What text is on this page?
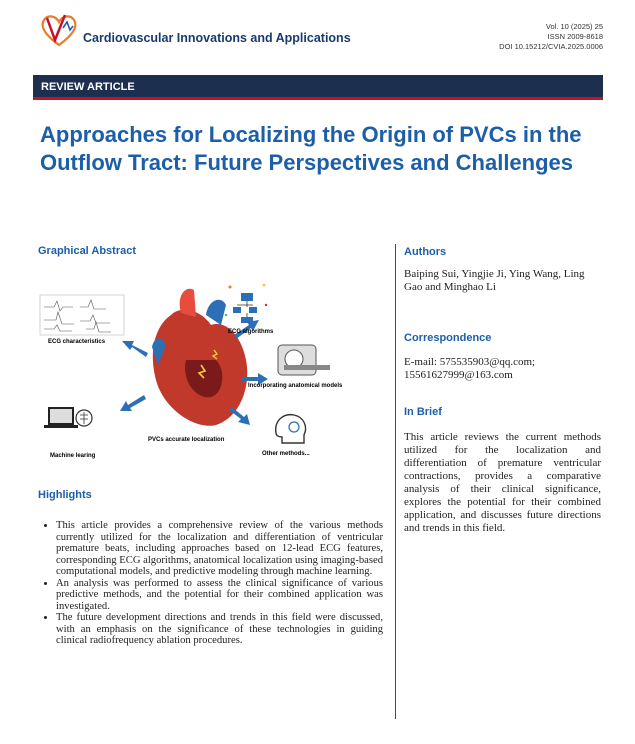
Cardiovascular Innovations and Applications
Vol. 10 (2025) 25
ISSN 2009-8618
DOI 10.15212/CVIA.2025.0006
REVIEW ARTICLE
Approaches for Localizing the Origin of PVCs in the Outflow Tract: Future Perspectives and Challenges
Graphical Abstract
ECG characteristics
ECG algorithms
Incorporating anatomical models
Machine learing
PVCs accurate localization
Other methods...
Highlights
• This article provides a comprehensive review of the various methods currently utilized for the localization and differentiation of ventricular premature beats, including approaches based on 12-lead ECG features, corresponding ECG algorithms, anatomical localization using imaging-based computational models, and predictive modeling through machine learning.
• An analysis was performed to assess the clinical significance of various predictive methods, and the potential for their combined application was investigated.
• The future development directions and trends in this field were discussed, with an emphasis on the significance of these technologies in guiding clinical radiofrequency ablation procedures.
Authors
Baiping Sui, Yingjie Ji, Ying Wang, Ling Gao and Minghao Li
Correspondence
E-mail: 575535903@qq.com; 15561627999@163.com
In Brief
This article reviews the current methods utilized for the localization and differentiation of premature ventricular contractions, provides a comparative analysis of their clinical significance, explores the potential for their combined application, and discusses future directions and trends in this field.
